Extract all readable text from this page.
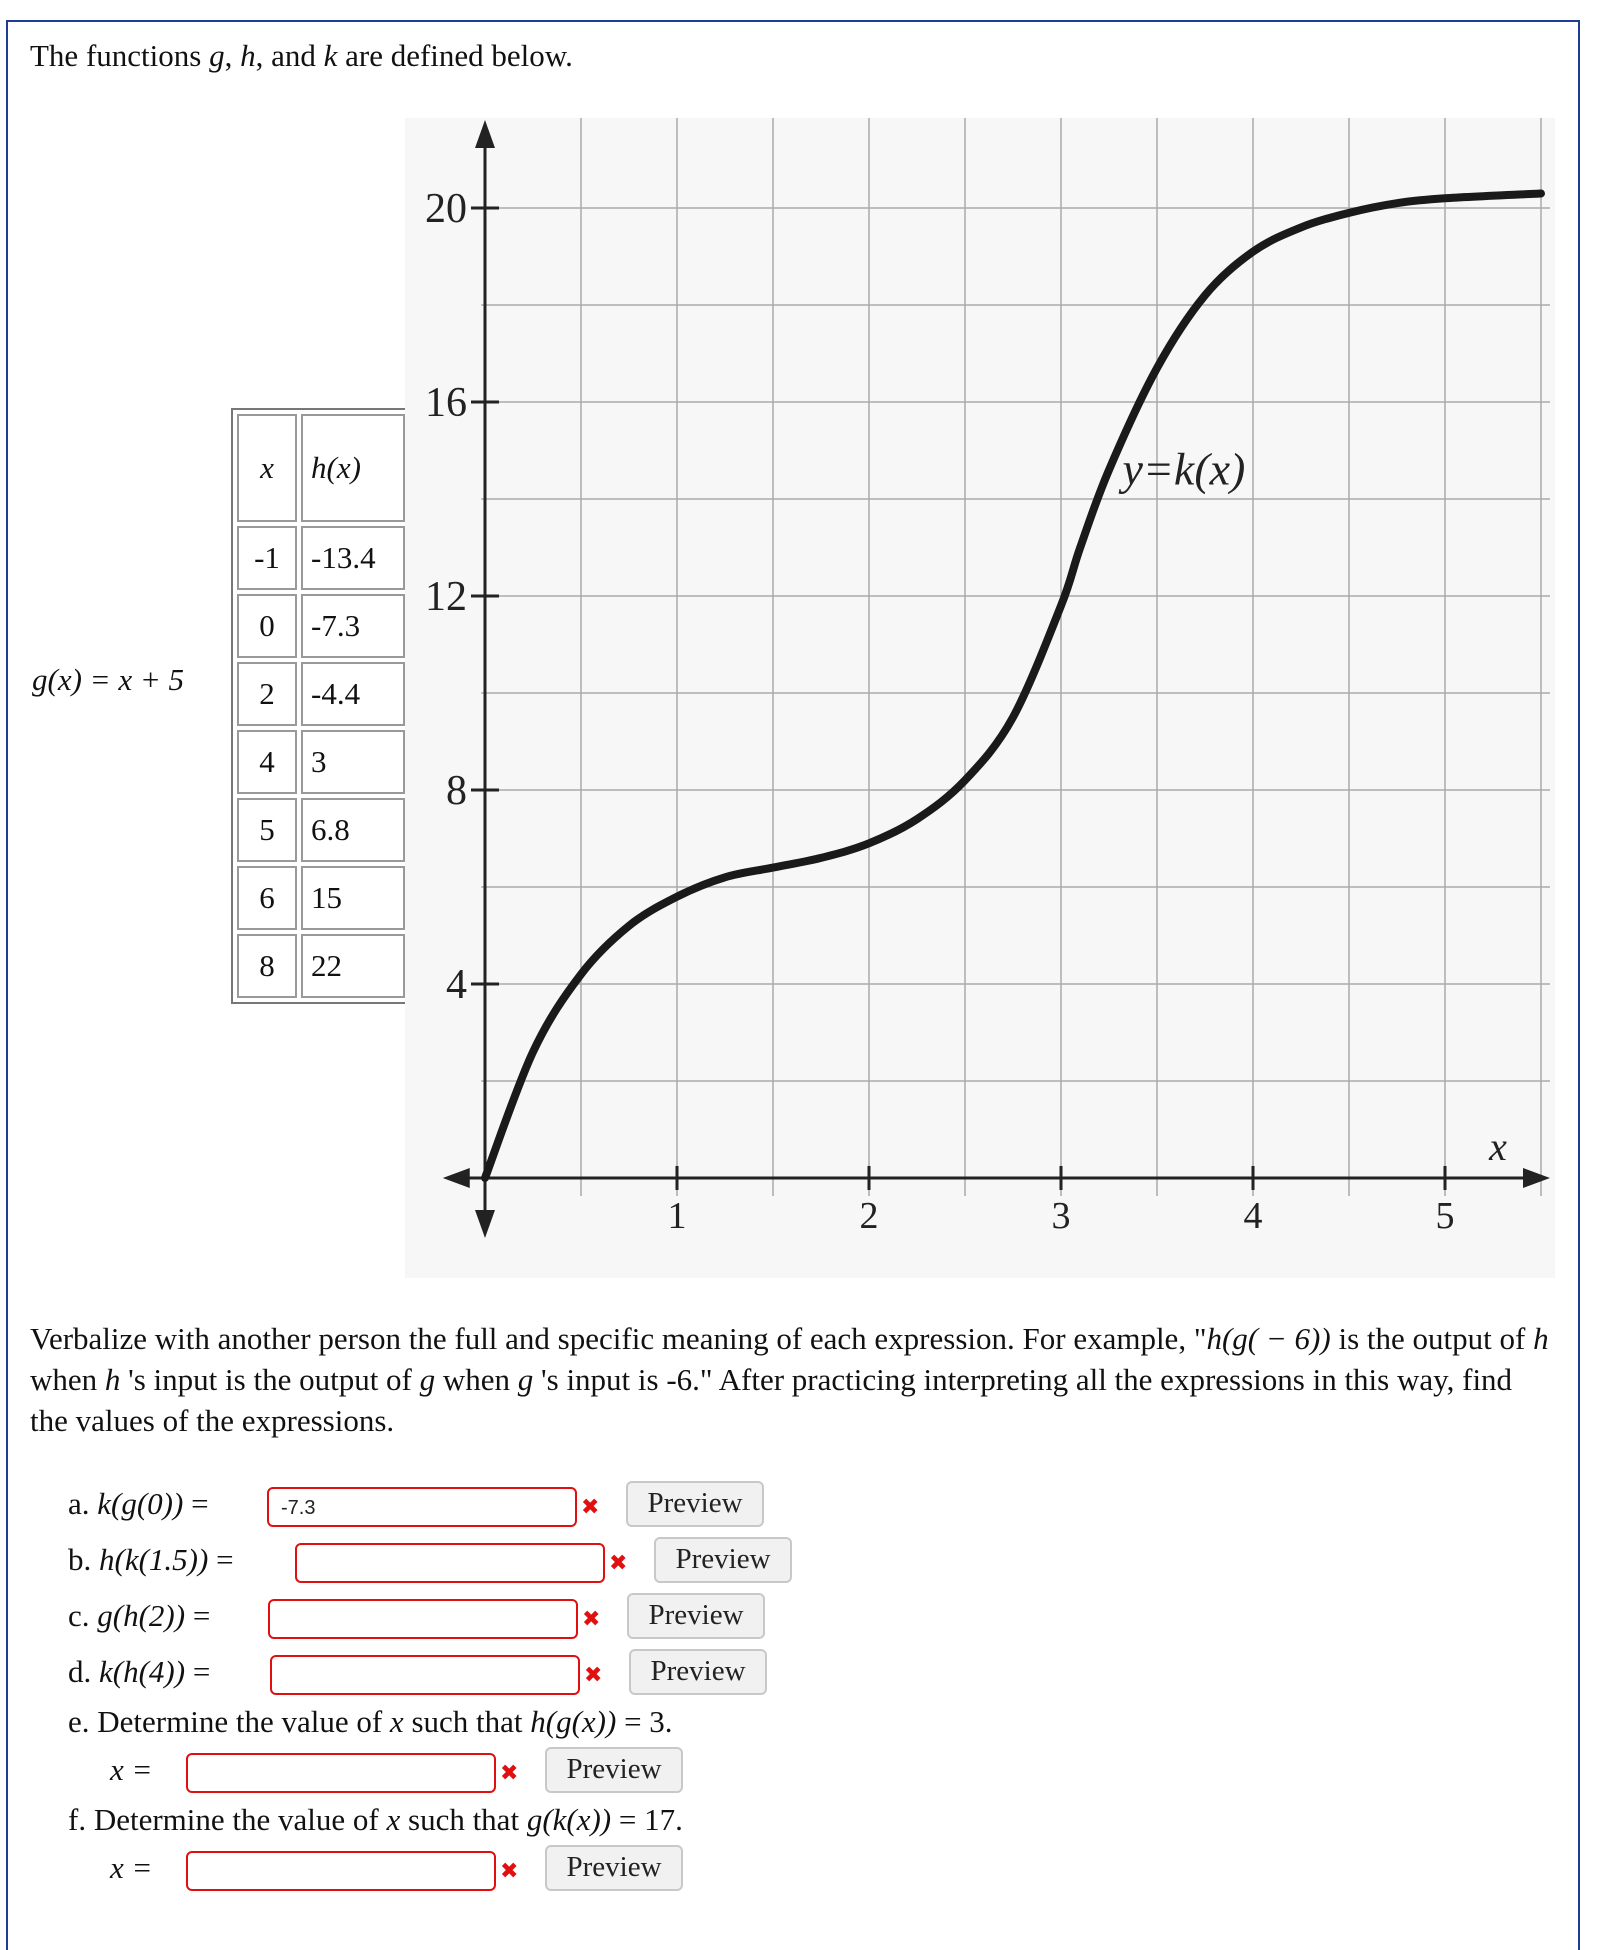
The functions g, h, and k are defined below.
g(x) = x + 5
x	h(x)
-1	-13.4
0	-7.3
2	-4.4
4	3
5	6.8
6	15
8	22
1	2	3	4	5
4
8
12
16
20
x
y=k(x)
Verbalize with another person the full and specific meaning of each expression. For example, "h(g( − 6)) is the output of h when h 's input is the output of g when g 's input is -6." After practicing interpreting all the expressions in this way, find the values of the expressions.
a. k(g(0)) =	-7.3	✖	Preview
b. h(k(1.5)) =	✖	Preview
c. g(h(2)) =	✖	Preview
d. k(h(4)) =	✖	Preview
e. Determine the value of x such that h(g(x)) = 3.
x =	✖	Preview
f. Determine the value of x such that g(k(x)) = 17.
x =	✖	Preview
